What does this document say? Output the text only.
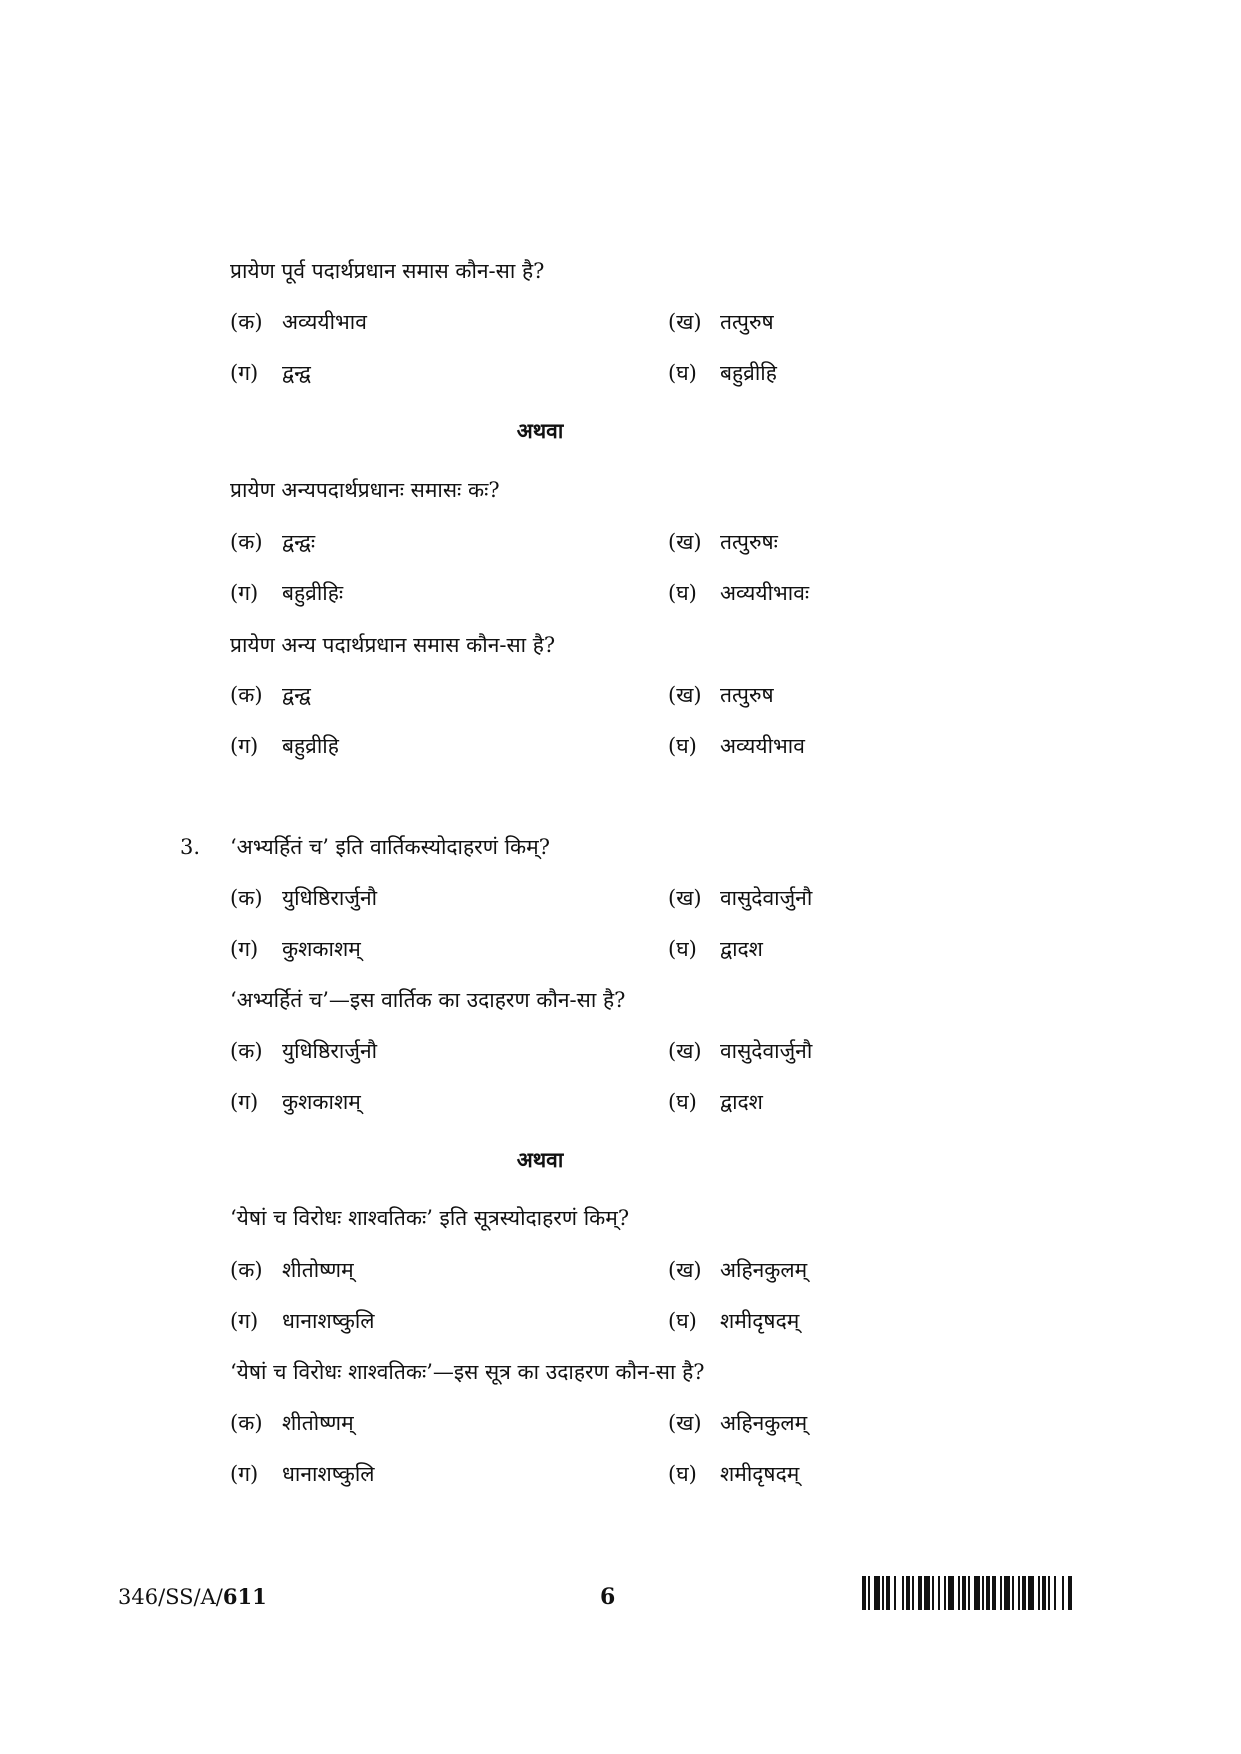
प्रायेण पूर्व पदार्थप्रधान समास कौन-सा है?
(क) अव्ययीभाव	(ख) तत्पुरुष
(ग) द्वन्द्व	(घ) बहुव्रीहि
अथवा
प्रायेण अन्यपदार्थप्रधानः समासः कः?
(क) द्वन्द्वः	(ख) तत्पुरुषः
(ग) बहुव्रीहिः	(घ) अव्ययीभावः
प्रायेण अन्य पदार्थप्रधान समास कौन-सा है?
(क) द्वन्द्व	(ख) तत्पुरुष
(ग) बहुव्रीहि	(घ) अव्ययीभाव
3. ‘अभ्यर्हितं च’ इति वार्तिकस्योदाहरणं किम्?
(क) युधिष्ठिरार्जुनौ	(ख) वासुदेवार्जुनौ
(ग) कुशकाशम्	(घ) द्वादश
‘अभ्यर्हितं च’—इस वार्तिक का उदाहरण कौन-सा है?
(क) युधिष्ठिरार्जुनौ	(ख) वासुदेवार्जुनौ
(ग) कुशकाशम्	(घ) द्वादश
अथवा
‘येषां च विरोधः शाश्वतिकः’ इति सूत्रस्योदाहरणं किम्?
(क) शीतोष्णम्	(ख) अहिनकुलम्
(ग) धानाशष्कुलि	(घ) शमीदृषदम्
‘येषां च विरोधः शाश्वतिकः’—इस सूत्र का उदाहरण कौन-सा है?
(क) शीतोष्णम्	(ख) अहिनकुलम्
(ग) धानाशष्कुलि	(घ) शमीदृषदम्
346/SS/A/611	6
